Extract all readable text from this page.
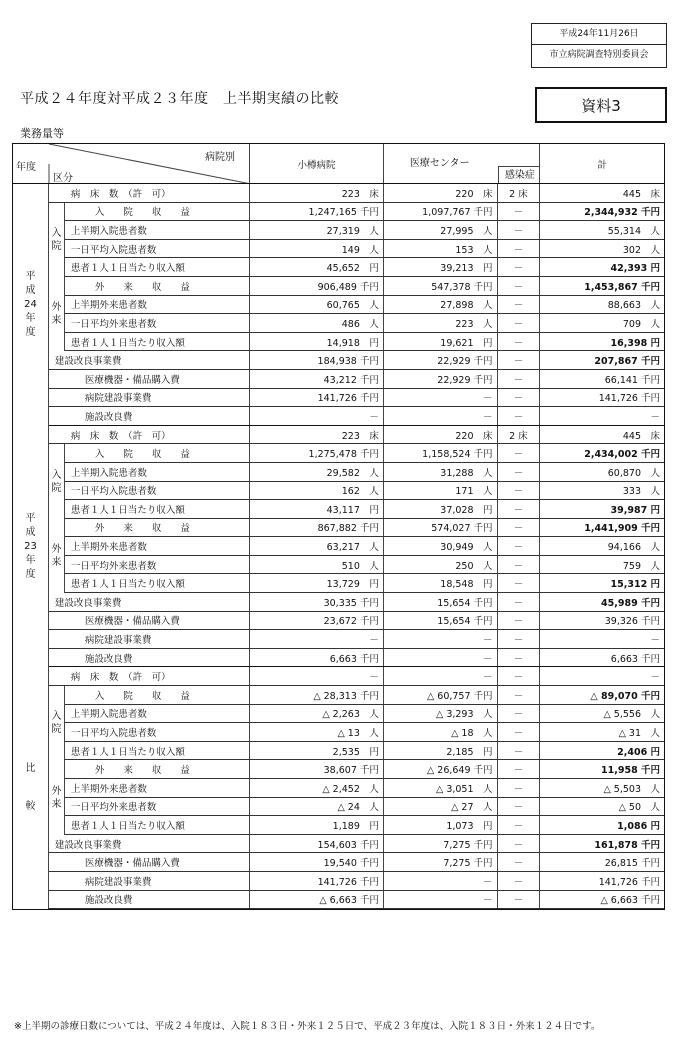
平成24年11月26日
市立病院調査特別委員会
平成２４年度対平成２３年度　上半期実績の比較	資料3
業務量等
年度
区分
病院別
小樽病院	医療センター
感染症
計
病　床　数　（許　可）	223　床	220　床	2 床	445　床
入　　院　　収　　益	1,247,165 千円	1,097,767 千円	－	2,344,932 千円
上半期入院患者数	27,319　人	27,995　人	－	55,314　人
一日平均入院患者数	149　人	153　人	－	302　人
患者１人１日当たり収入額	45,652　円	39,213　円	－	42,393 円
外　　来　　収　　益	906,489 千円	547,378 千円	－	1,453,867 千円
上半期外来患者数	60,765　人	27,898　人	－	88,663　人
一日平均外来患者数	486　人	223　人	－	709　人
患者１人１日当たり収入額	14,918　円	19,621　円	－	16,398 円
建設改良事業費	184,938 千円	22,929 千円	－	207,867 千円
医療機器・備品購入費	43,212 千円	22,929 千円	－	66,141 千円
病院建設事業費	141,726 千円	－	－	141,726 千円
施設改良費	－	－	－	－
平
成
24
年
度
入
院
外
来
病　床　数　（許　可）	223　床	220　床	2 床	445　床
入　　院　　収　　益	1,275,478 千円	1,158,524 千円	－	2,434,002 千円
上半期入院患者数	29,582　人	31,288　人	－	60,870　人
一日平均入院患者数	162　人	171　人	－	333　人
患者１人１日当たり収入額	43,117　円	37,028　円	－	39,987 円
外　　来　　収　　益	867,882 千円	574,027 千円	－	1,441,909 千円
上半期外来患者数	63,217　人	30,949　人	－	94,166　人
一日平均外来患者数	510　人	250　人	－	759　人
患者１人１日当たり収入額	13,729　円	18,548　円	－	15,312 円
建設改良事業費	30,335 千円	15,654 千円	－	45,989 千円
医療機器・備品購入費	23,672 千円	15,654 千円	－	39,326 千円
病院建設事業費	－	－	－	－
施設改良費	6,663 千円	－	－	6,663 千円
平
成
23
年
度
入
院
外
来
病　床　数　（許　可）	－	－	－	－
入　　院　　収　　益	△ 28,313 千円	△ 60,757 千円	－	△ 89,070 千円
上半期入院患者数	△ 2,263　人	△ 3,293　人	－	△ 5,556　人
一日平均入院患者数	△ 13　人	△ 18　人	－	△ 31　人
患者１人１日当たり収入額	2,535　円	2,185　円	－	2,406 円
外　　来　　収　　益	38,607 千円	△ 26,649 千円	－	11,958 千円
上半期外来患者数	△ 2,452　人	△ 3,051　人	－	△ 5,503　人
一日平均外来患者数	△ 24　人	△ 27　人	－	△ 50　人
患者１人１日当たり収入額	1,189　円	1,073　円	－	1,086 円
建設改良事業費	154,603 千円	7,275 千円	－	161,878 千円
医療機器・備品購入費	19,540 千円	7,275 千円	－	26,815 千円
病院建設事業費	141,726 千円	－	－	141,726 千円
施設改良費	△ 6,663 千円	－	－	△ 6,663 千円
比
較
入
院
外
来
※上半期の診療日数については、平成２４年度は、入院１８３日・外来１２５日で、平成２３年度は、入院１８３日・外来１２４日です。
